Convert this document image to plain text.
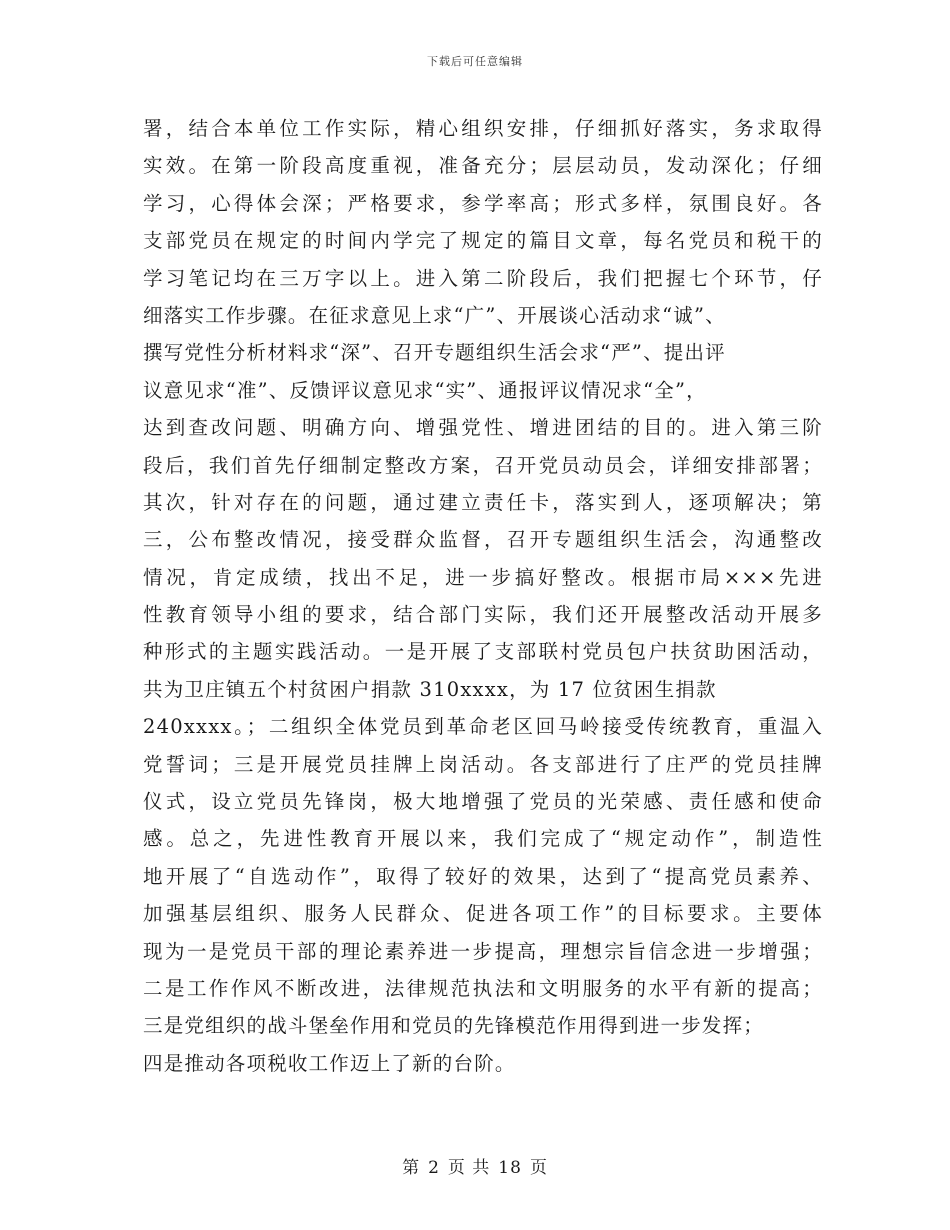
下载后可任意编辑
署，结合本单位工作实际，精心组织安排，仔细抓好落实，务求取得
实效。在第一阶段高度重视，准备充分；层层动员，发动深化；仔细
学习，心得体会深；严格要求，参学率高；形式多样，氛围良好。各
支部党员在规定的时间内学完了规定的篇目文章，每名党员和税干的
学习笔记均在三万字以上。进入第二阶段后，我们把握七个环节，仔
细落实工作步骤。在征求意见上求“广”、开展谈心活动求“诚”、
撰写党性分析材料求“深”、召开专题组织生活会求“严”、提出评
议意见求“准”、反馈评议意见求“实”、通报评议情况求“全”，
达到查改问题、明确方向、增强党性、增进团结的目的。进入第三阶
段后，我们首先仔细制定整改方案，召开党员动员会，详细安排部署；
其次，针对存在的问题，通过建立责任卡，落实到人，逐项解决；第
三，公布整改情况，接受群众监督，召开专题组织生活会，沟通整改
情况，肯定成绩，找出不足，进一步搞好整改。根据市局×××先进
性教育领导小组的要求，结合部门实际，我们还开展整改活动开展多
种形式的主题实践活动。一是开展了支部联村党员包户扶贫助困活动，
共为卫庄镇五个村贫困户捐款 310xxxx，为 17 位贫困生捐款
240xxxx。；二组织全体党员到革命老区回马岭接受传统教育，重温入
党誓词；三是开展党员挂牌上岗活动。各支部进行了庄严的党员挂牌
仪式，设立党员先锋岗，极大地增强了党员的光荣感、责任感和使命
感。总之，先进性教育开展以来，我们完成了“规定动作”，制造性
地开展了“自选动作”，取得了较好的效果，达到了“提高党员素养、
加强基层组织、服务人民群众、促进各项工作”的目标要求。主要体
现为一是党员干部的理论素养进一步提高，理想宗旨信念进一步增强；
二是工作作风不断改进，法律规范执法和文明服务的水平有新的提高；
三是党组织的战斗堡垒作用和党员的先锋模范作用得到进一步发挥；
四是推动各项税收工作迈上了新的台阶。
第 2 页 共 18 页
